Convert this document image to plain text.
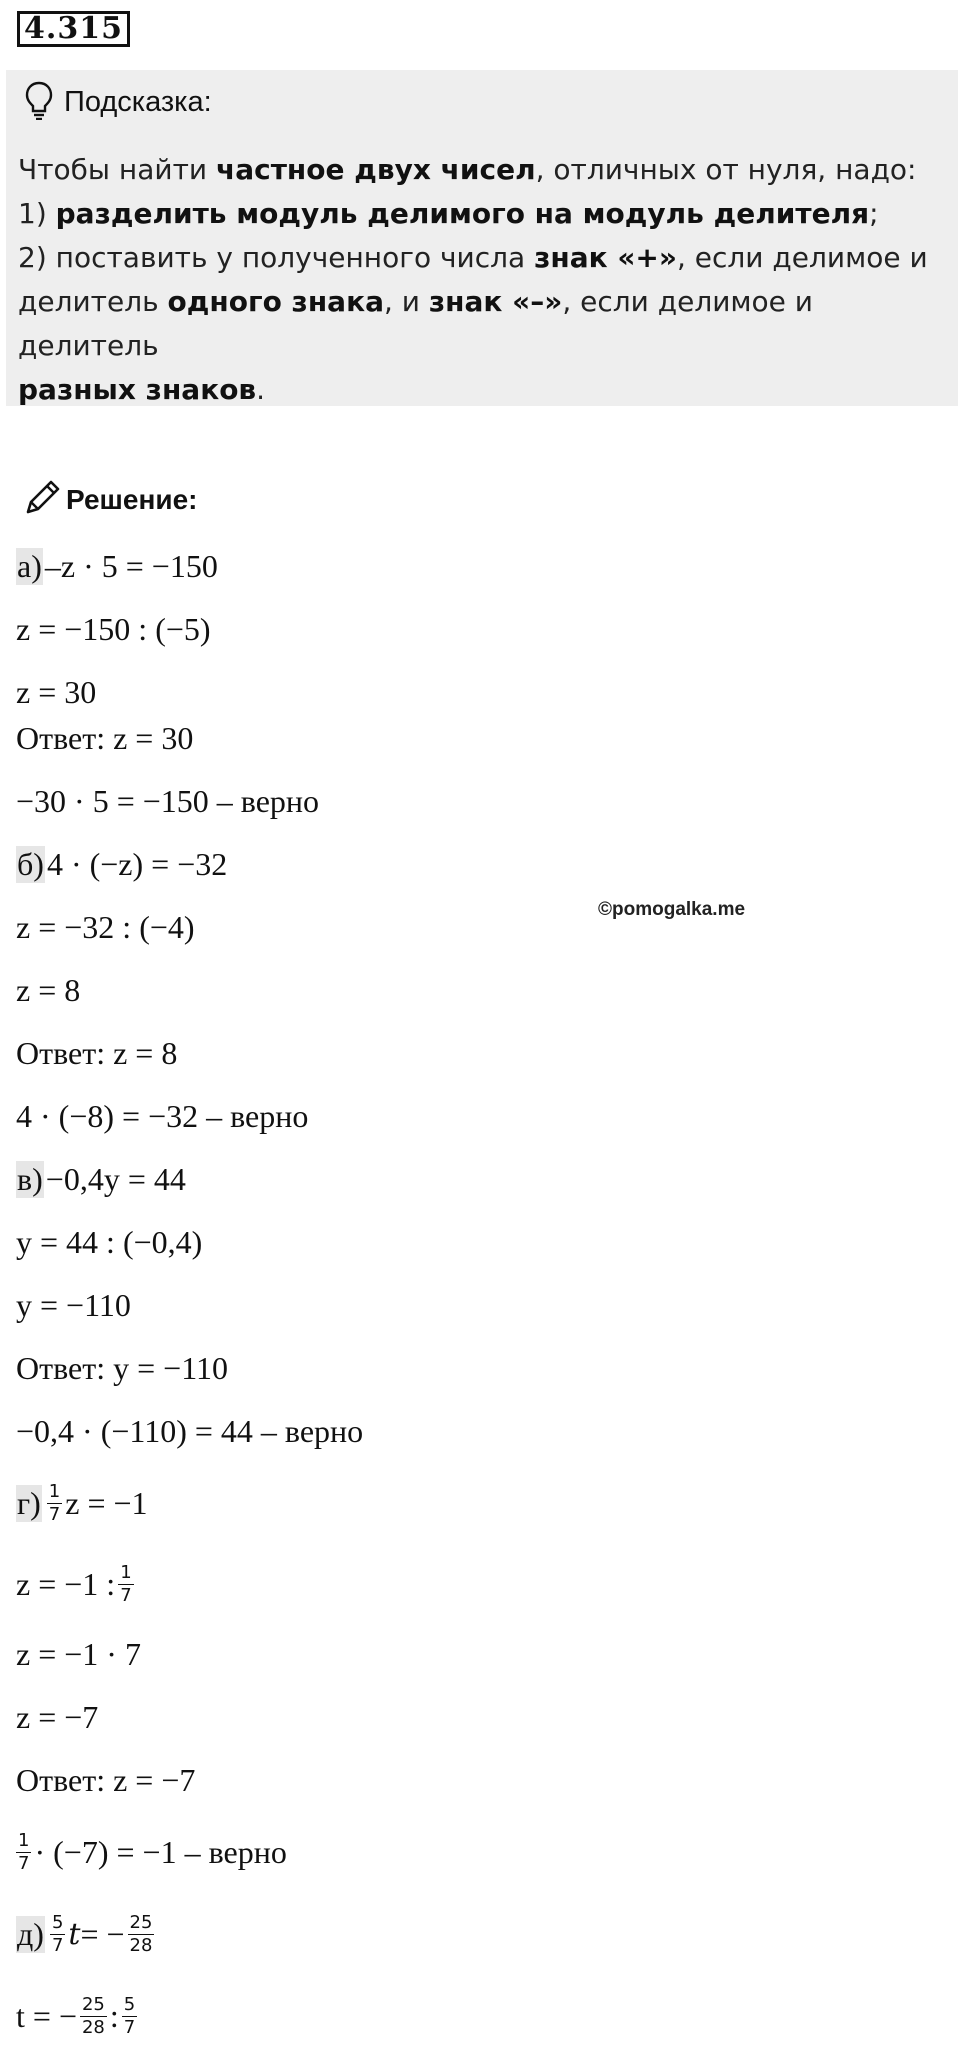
4.315
Подсказка:
Чтобы найти частное двух чисел, отличных от нуля, надо:
1) разделить модуль делимого на модуль делителя;
2) поставить у полученного числа знак «+», если делимое и
делитель одного знака, и знак «–», если делимое и делитель
разных знаков.
Решение:
©pomogalka.me
а) –z · 5 = −150
z = −150 : (−5)
z = 30
Ответ: z = 30
−30 · 5 = −150 – верно
б) 4 · (−z) = −32
z = −32 : (−4)
z = 8
Ответ: z = 8
4 · (−8) = −32 – верно
в) −0,4y = 44
y = 44 : (−0,4)
y = −110
Ответ: y = −110
−0,4 · (−110) = 44 – верно
$г) \frac{1}{7}$ z = −1
z = −1 : $\frac{1}{7}$
z = −1 · 7
z = −7
Ответ: z = −7
$\frac{1}{7} \cdot (-7) = -1$ – верно
$д) \frac{5}{7}$ t = − $\frac{25}{28}$
t = − $\frac{25}{28}$ : $\frac{5}{7}$
